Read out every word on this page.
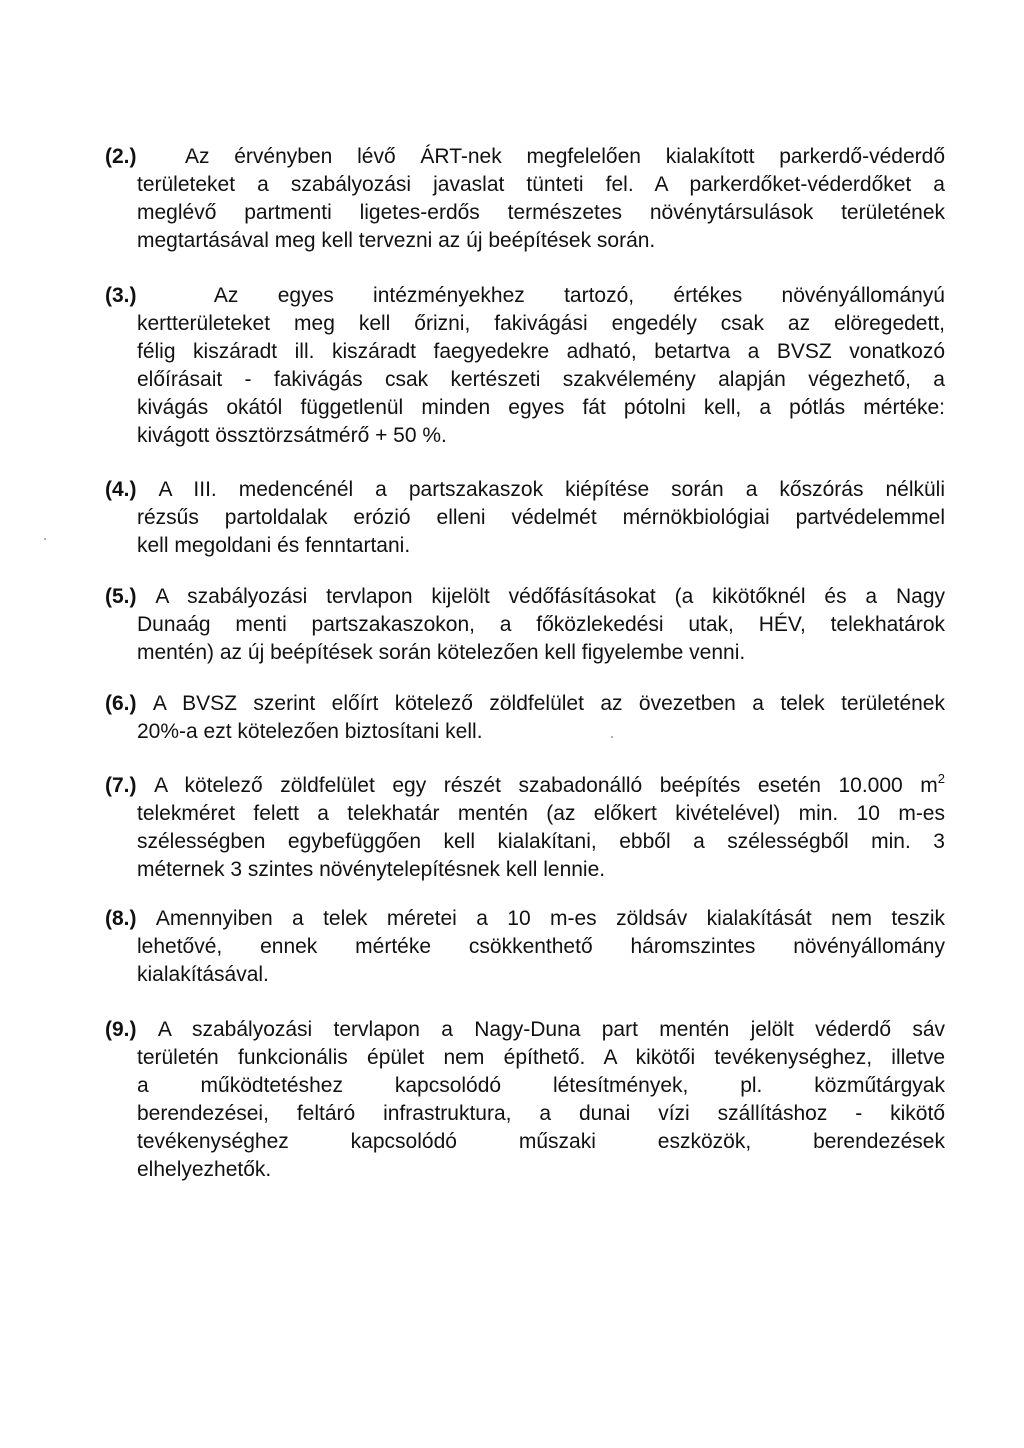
(2.) Az érvényben lévő ÁRT-nek megfelelően kialakított parkerdő-véderdő
területeket a szabályozási javaslat tünteti fel. A parkerdőket-véderdőket a
meglévő partmenti ligetes-erdős természetes növénytársulások területének
megtartásával meg kell tervezni az új beépítések során.
(3.)	Az egyes intézményekhez tartozó, értékes növényállományú
kertterületeket meg kell őrizni, fakivágási engedély csak az elöregedett,
félig kiszáradt ill. kiszáradt faegyedekre adható, betartva a BVSZ vonatkozó
előírásait - fakivágás csak kertészeti szakvélemény alapján végezhető, a
kivágás okától függetlenül minden egyes fát pótolni kell, a pótlás mértéke:
kivágott össztörzsátmérő + 50 %.
(4.) A III. medencénél a partszakaszok kiépítése során a kőszórás nélküli
rézsűs partoldalak erózió elleni védelmét mérnökbiológiai partvédelemmel
kell megoldani és fenntartani.
(5.) A szabályozási tervlapon kijelölt védőfásításokat (a kikötőknél és a Nagy
Dunaág menti partszakaszokon, a főközlekedési utak, HÉV, telekhatárok
mentén) az új beépítések során kötelezően kell figyelembe venni.
(6.) A BVSZ szerint előírt kötelező zöldfelület az övezetben a telek területének
20%-a ezt kötelezően biztosítani kell.
(7.) A kötelező zöldfelület egy részét szabadonálló beépítés esetén 10.000 $m^2$
telekméret felett a telekhatár mentén (az előkert kivételével) min. 10 m-es
szélességben egybefüggően kell kialakítani, ebből a szélességből min. 3
méternek 3 szintes növénytelepítésnek kell lennie.
(8.) Amennyiben a telek méretei a 10 m-es zöldsáv kialakítását nem teszik
lehetővé, ennek mértéke csökkenthető háromszintes növényállomány
kialakításával.
(9.) A szabályozási tervlapon a Nagy-Duna part mentén jelölt véderdő sáv
területén funkcionális épület nem építhető. A kikötői tevékenységhez, illetve
a működtetéshez kapcsolódó létesítmények, pl. közműtárgyak
berendezései, feltáró infrastruktura, a dunai vízi szállításhoz - kikötő
tevékenységhez kapcsolódó műszaki eszközök, berendezések
elhelyezhetők.
